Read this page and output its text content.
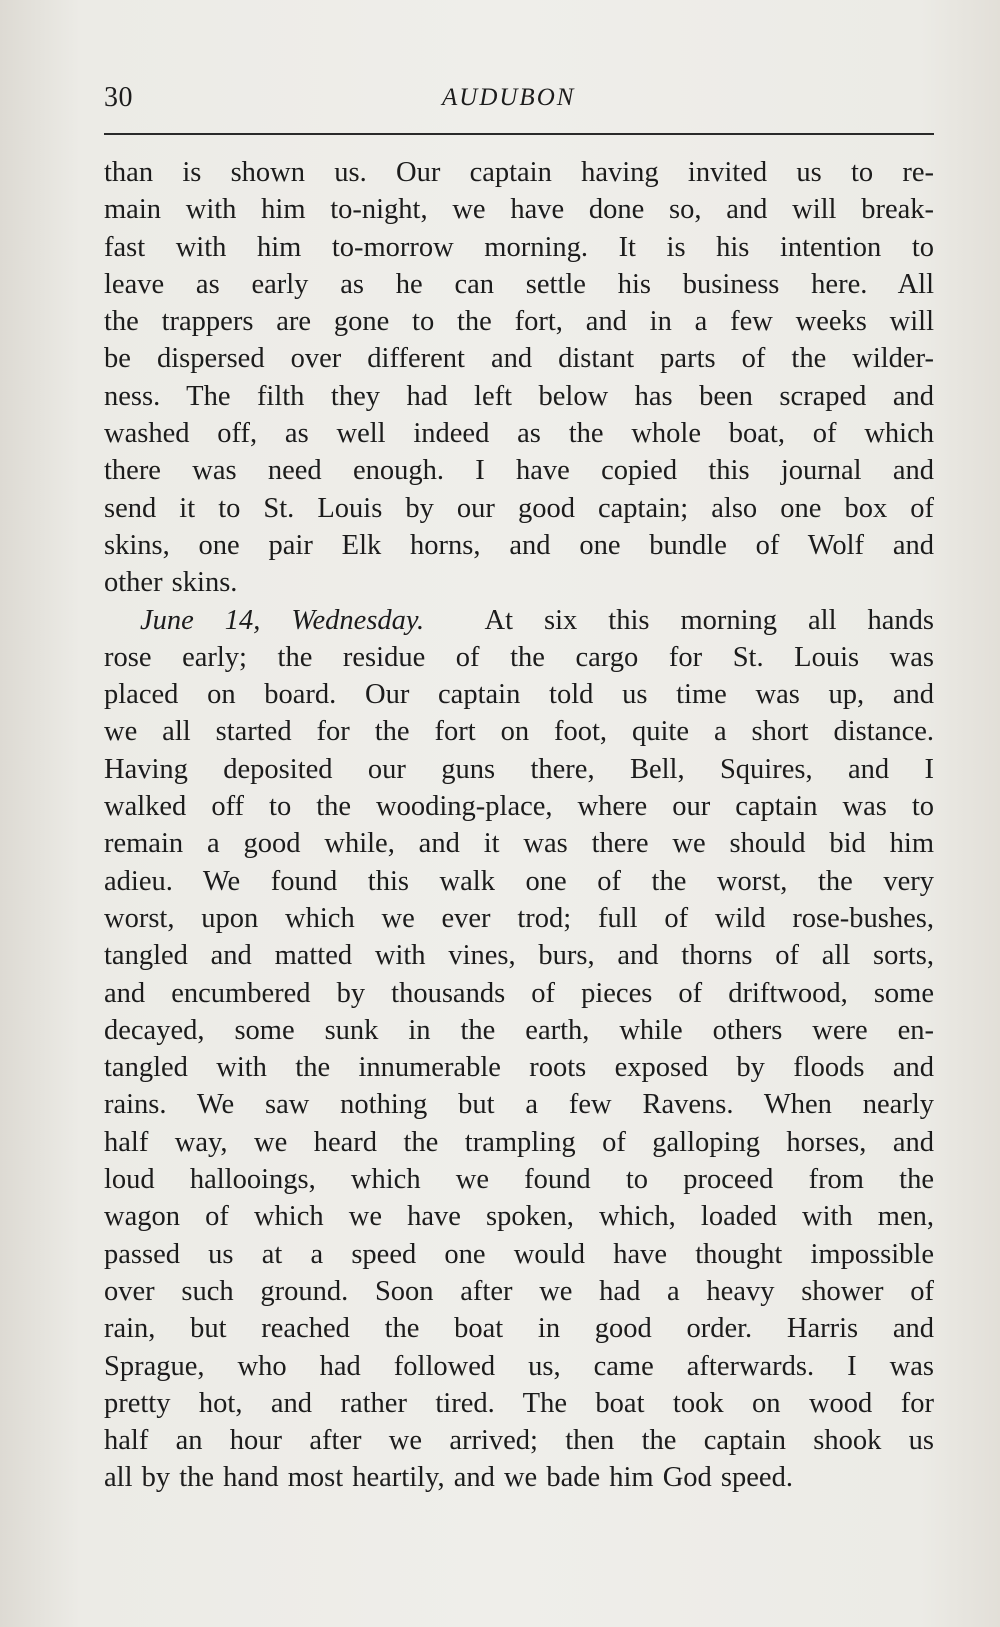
30	AUDUBON
than is shown us. Our captain having invited us to re-
main with him to-night, we have done so, and will break-
fast with him to-morrow morning. It is his intention to
leave as early as he can settle his business here. All
the trappers are gone to the fort, and in a few weeks will
be dispersed over different and distant parts of the wilder-
ness. The filth they had left below has been scraped and
washed off, as well indeed as the whole boat, of which
there was need enough. I have copied this journal and
send it to St. Louis by our good captain; also one box of
skins, one pair Elk horns, and one bundle of Wolf and
other skins.
June 14, Wednesday. At six this morning all hands
rose early; the residue of the cargo for St. Louis was
placed on board. Our captain told us time was up, and
we all started for the fort on foot, quite a short distance.
Having deposited our guns there, Bell, Squires, and I
walked off to the wooding-place, where our captain was to
remain a good while, and it was there we should bid him
adieu. We found this walk one of the worst, the very
worst, upon which we ever trod; full of wild rose-bushes,
tangled and matted with vines, burs, and thorns of all sorts,
and encumbered by thousands of pieces of driftwood, some
decayed, some sunk in the earth, while others were en-
tangled with the innumerable roots exposed by floods and
rains. We saw nothing but a few Ravens. When nearly
half way, we heard the trampling of galloping horses, and
loud hallooings, which we found to proceed from the
wagon of which we have spoken, which, loaded with men,
passed us at a speed one would have thought impossible
over such ground. Soon after we had a heavy shower of
rain, but reached the boat in good order. Harris and
Sprague, who had followed us, came afterwards. I was
pretty hot, and rather tired. The boat took on wood for
half an hour after we arrived; then the captain shook us
all by the hand most heartily, and we bade him God speed.
